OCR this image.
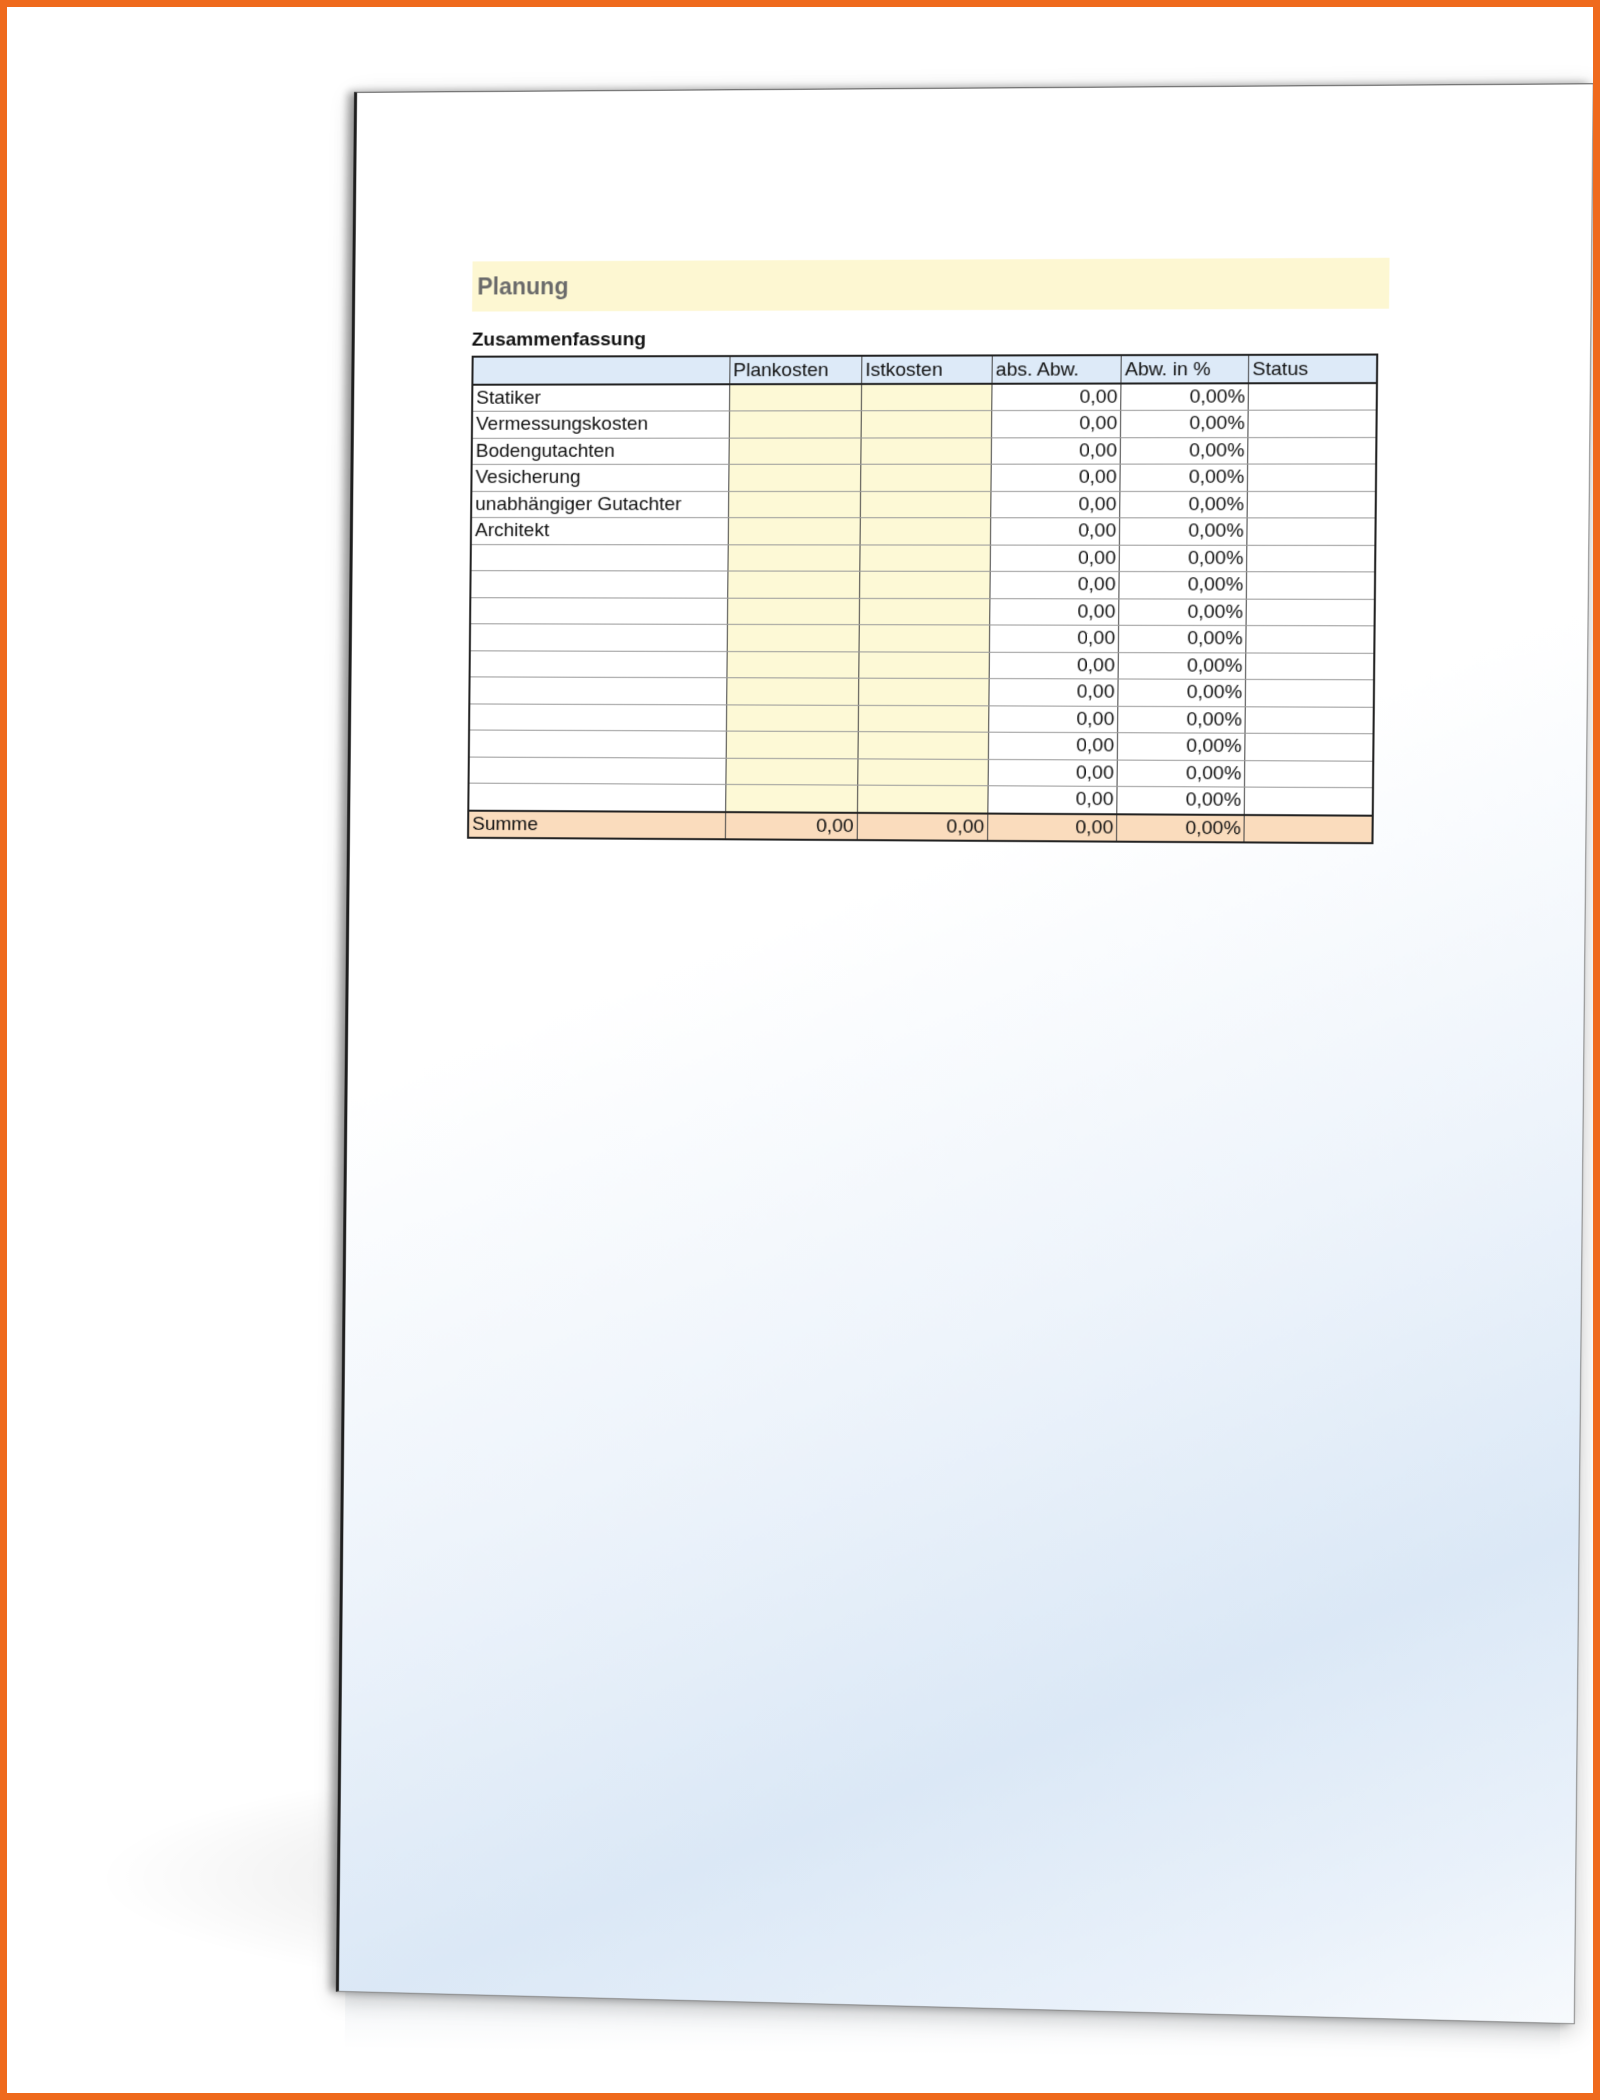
Planung
Zusammenfassung
	Plankosten	Istkosten	abs. Abw.	Abw. in %	Status
Statiker			0,00	0,00%	
Vermessungskosten			0,00	0,00%	
Bodengutachten			0,00	0,00%	
Vesicherung			0,00	0,00%	
unabhängiger Gutachter			0,00	0,00%	
Architekt			0,00	0,00%	
			0,00	0,00%	
			0,00	0,00%	
			0,00	0,00%	
			0,00	0,00%	
			0,00	0,00%	
			0,00	0,00%	
			0,00	0,00%	
			0,00	0,00%	
			0,00	0,00%	
			0,00	0,00%	
Summe	0,00	0,00	0,00	0,00%	
